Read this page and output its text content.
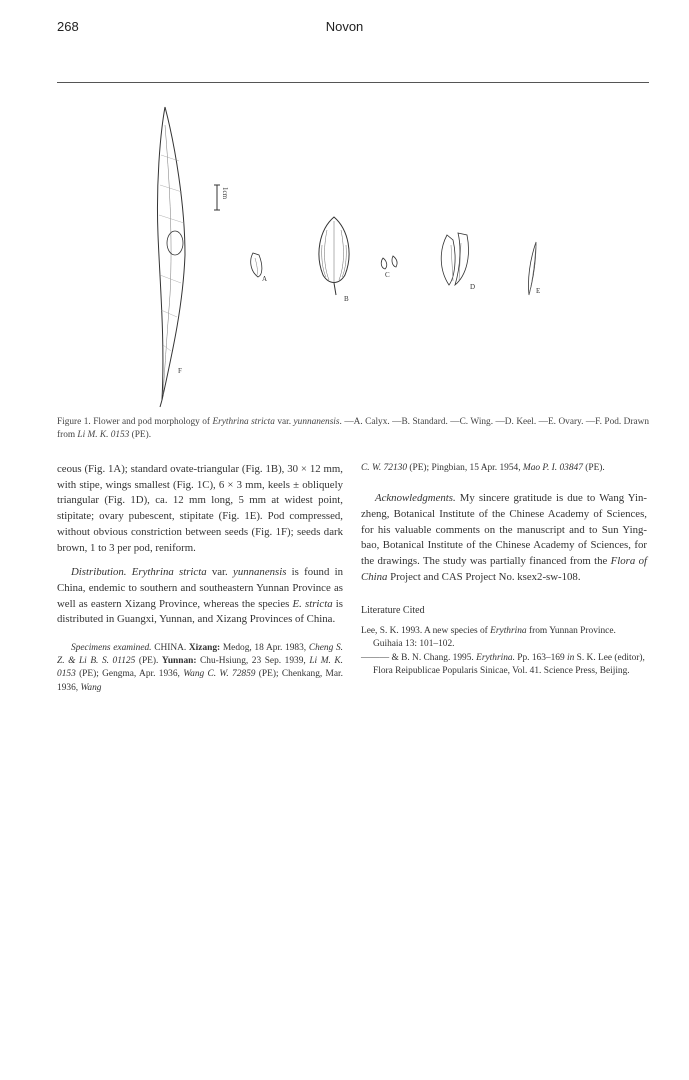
268	Novon
F
1cm
A
B
C
D	E
Figure 1. Flower and pod morphology of Erythrina stricta var. yunnanensis. —A. Calyx. —B. Standard. —C. Wing. —D. Keel. —E. Ovary. —F. Pod. Drawn from Li M. K. 0153 (PE).

ceous (Fig. 1A); standard ovate-triangular (Fig. 1B), 30 × 12 mm, with stipe, wings smallest (Fig. 1C), 6 × 3 mm, keels ± obliquely triangular (Fig. 1D), ca. 12 mm long, 5 mm at widest point, stipitate; ovary pubescent, stipitate (Fig. 1E). Pod compressed, without obvious constriction between seeds (Fig. 1F); seeds dark brown, 1 to 3 per pod, reniform.

Distribution. Erythrina stricta var. yunnanensis is found in China, endemic to southern and southeastern Yunnan Province as well as eastern Xizang Province, whereas the species E. stricta is distributed in Guangxi, Yunnan, and Xizang Provinces of China.

Specimens examined. CHINA. Xizang: Medog, 18 Apr. 1983, Cheng S. Z. & Li B. S. 01125 (PE). Yunnan: Chu-Hsiung, 23 Sep. 1939, Li M. K. 0153 (PE); Gengma, Apr. 1936, Wang C. W. 72859 (PE); Chenkang, Mar. 1936, Wang

C. W. 72130 (PE); Pingbian, 15 Apr. 1954, Mao P. I. 03847 (PE).

Acknowledgments. My sincere gratitude is due to Wang Yin-zheng, Botanical Institute of the Chinese Academy of Sciences, for his valuable comments on the manuscript and to Sun Ying-bao, Botanical Institute of the Chinese Academy of Sciences, for the drawings. The study was partially financed from the Flora of China Project and CAS Project No. ksex2-sw-108.

Literature Cited

Lee, S. K. 1993. A new species of Erythrina from Yunnan Province. Guihaia 13: 101–102.

——— & B. N. Chang. 1995. Erythrina. Pp. 163–169 in S. K. Lee (editor), Flora Reipublicae Popularis Sinicae, Vol. 41. Science Press, Beijing.
